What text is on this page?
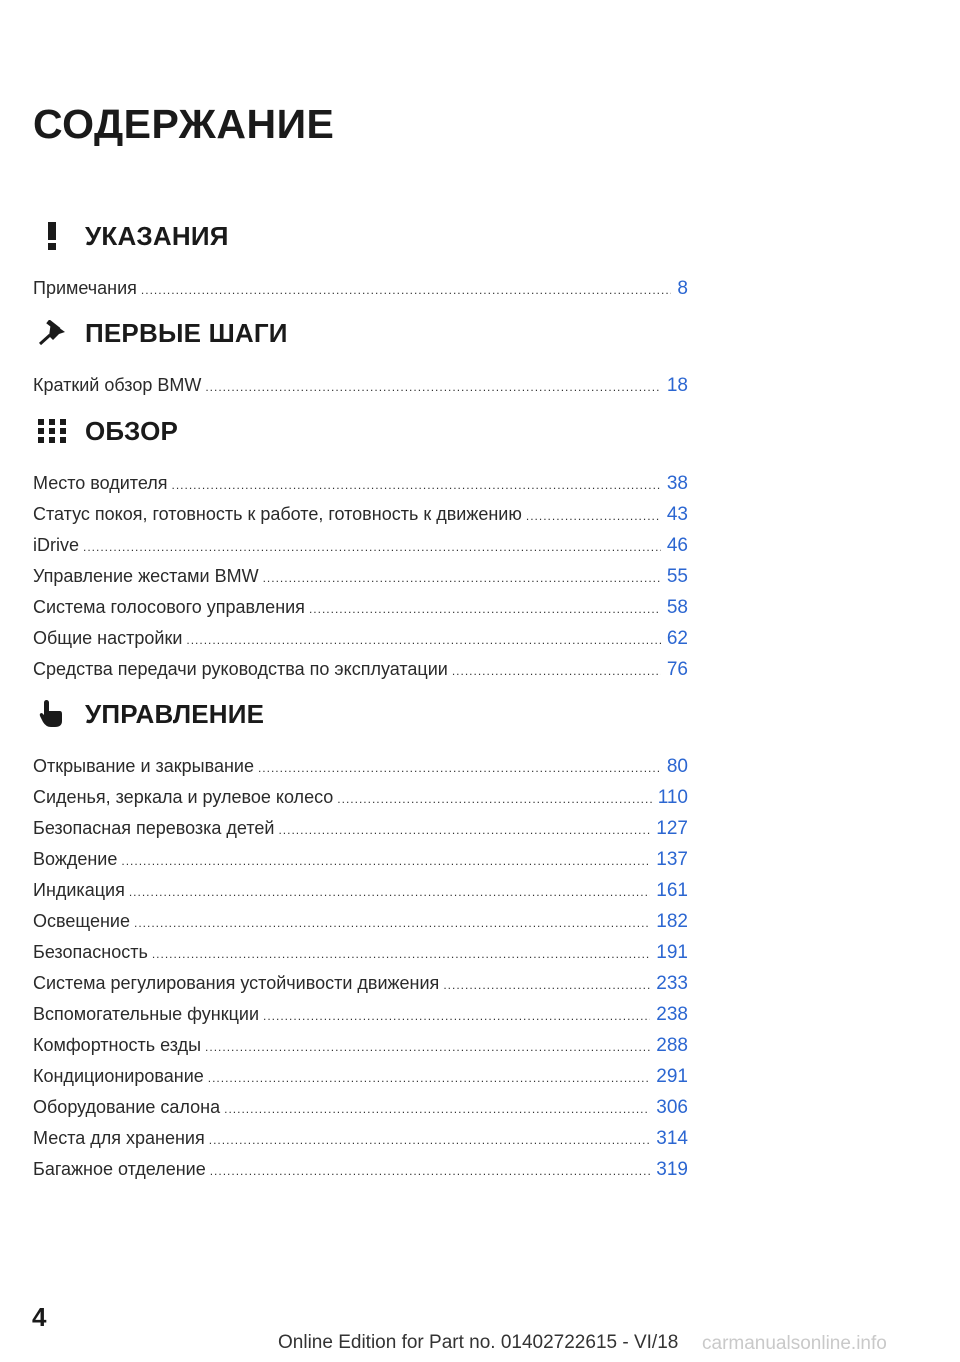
СОДЕРЖАНИЕ
УКАЗАНИЯ
Примечания .....	8
ПЕРВЫЕ ШАГИ
Краткий обзор BMW .....	18
ОБЗОР
Место водителя .....	38
Статус покоя, готовность к работе, готовность к движению .....	43
iDrive .....	46
Управление жестами BMW .....	55
Система голосового управления .....	58
Общие настройки .....	62
Средства передачи руководства по эксплуатации .....	76
УПРАВЛЕНИЕ
Открывание и закрывание .....	80
Сиденья, зеркала и рулевое колесо .....	110
Безопасная перевозка детей .....	127
Вождение .....	137
Индикация .....	161
Освещение .....	182
Безопасность .....	191
Система регулирования устойчивости движения .....	233
Вспомогательные функции .....	238
Комфортность езды .....	288
Кондиционирование .....	291
Оборудование салона .....	306
Места для хранения .....	314
Багажное отделение .....	319
4
Online Edition for Part no. 01402722615 - VI/18 carmanualsonline.info
